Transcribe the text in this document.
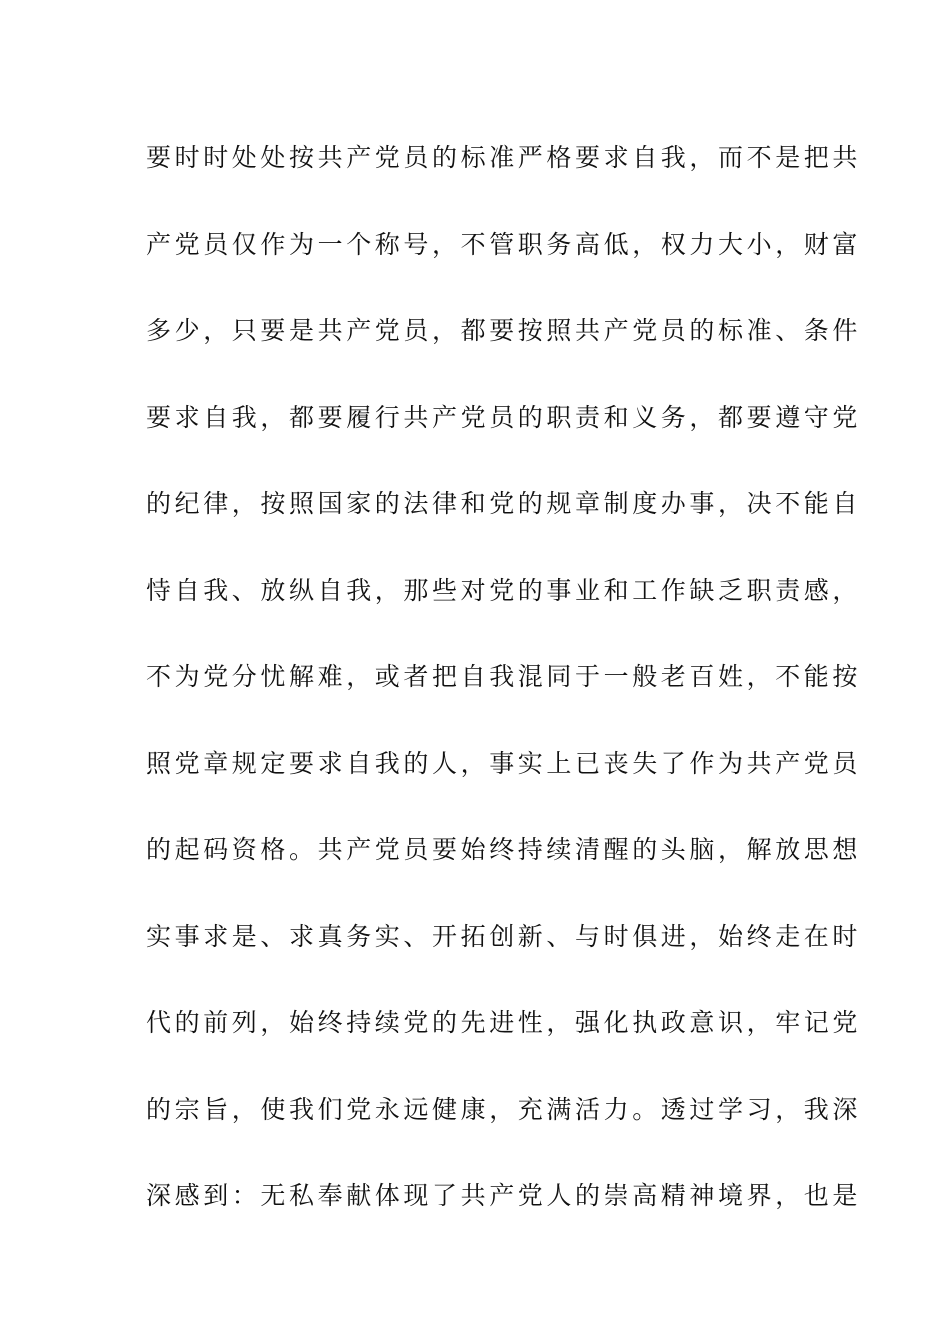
要时时处处按共产党员的标准严格要求自我，而不是把共
产党员仅作为一个称号，不管职务高低，权力大小，财富
多少，只要是共产党员，都要按照共产党员的标准、条件
要求自我，都要履行共产党员的职责和义务，都要遵守党
的纪律，按照国家的法律和党的规章制度办事，决不能自
恃自我、放纵自我，那些对党的事业和工作缺乏职责感，
不为党分忧解难，或者把自我混同于一般老百姓，不能按
照党章规定要求自我的人，事实上已丧失了作为共产党员
的起码资格。共产党员要始终持续清醒的头脑，解放思想
实事求是、求真务实、开拓创新、与时俱进，始终走在时
代的前列，始终持续党的先进性，强化执政意识，牢记党
的宗旨，使我们党永远健康，充满活力。透过学习，我深
深感到：无私奉献体现了共产党人的崇高精神境界，也是
